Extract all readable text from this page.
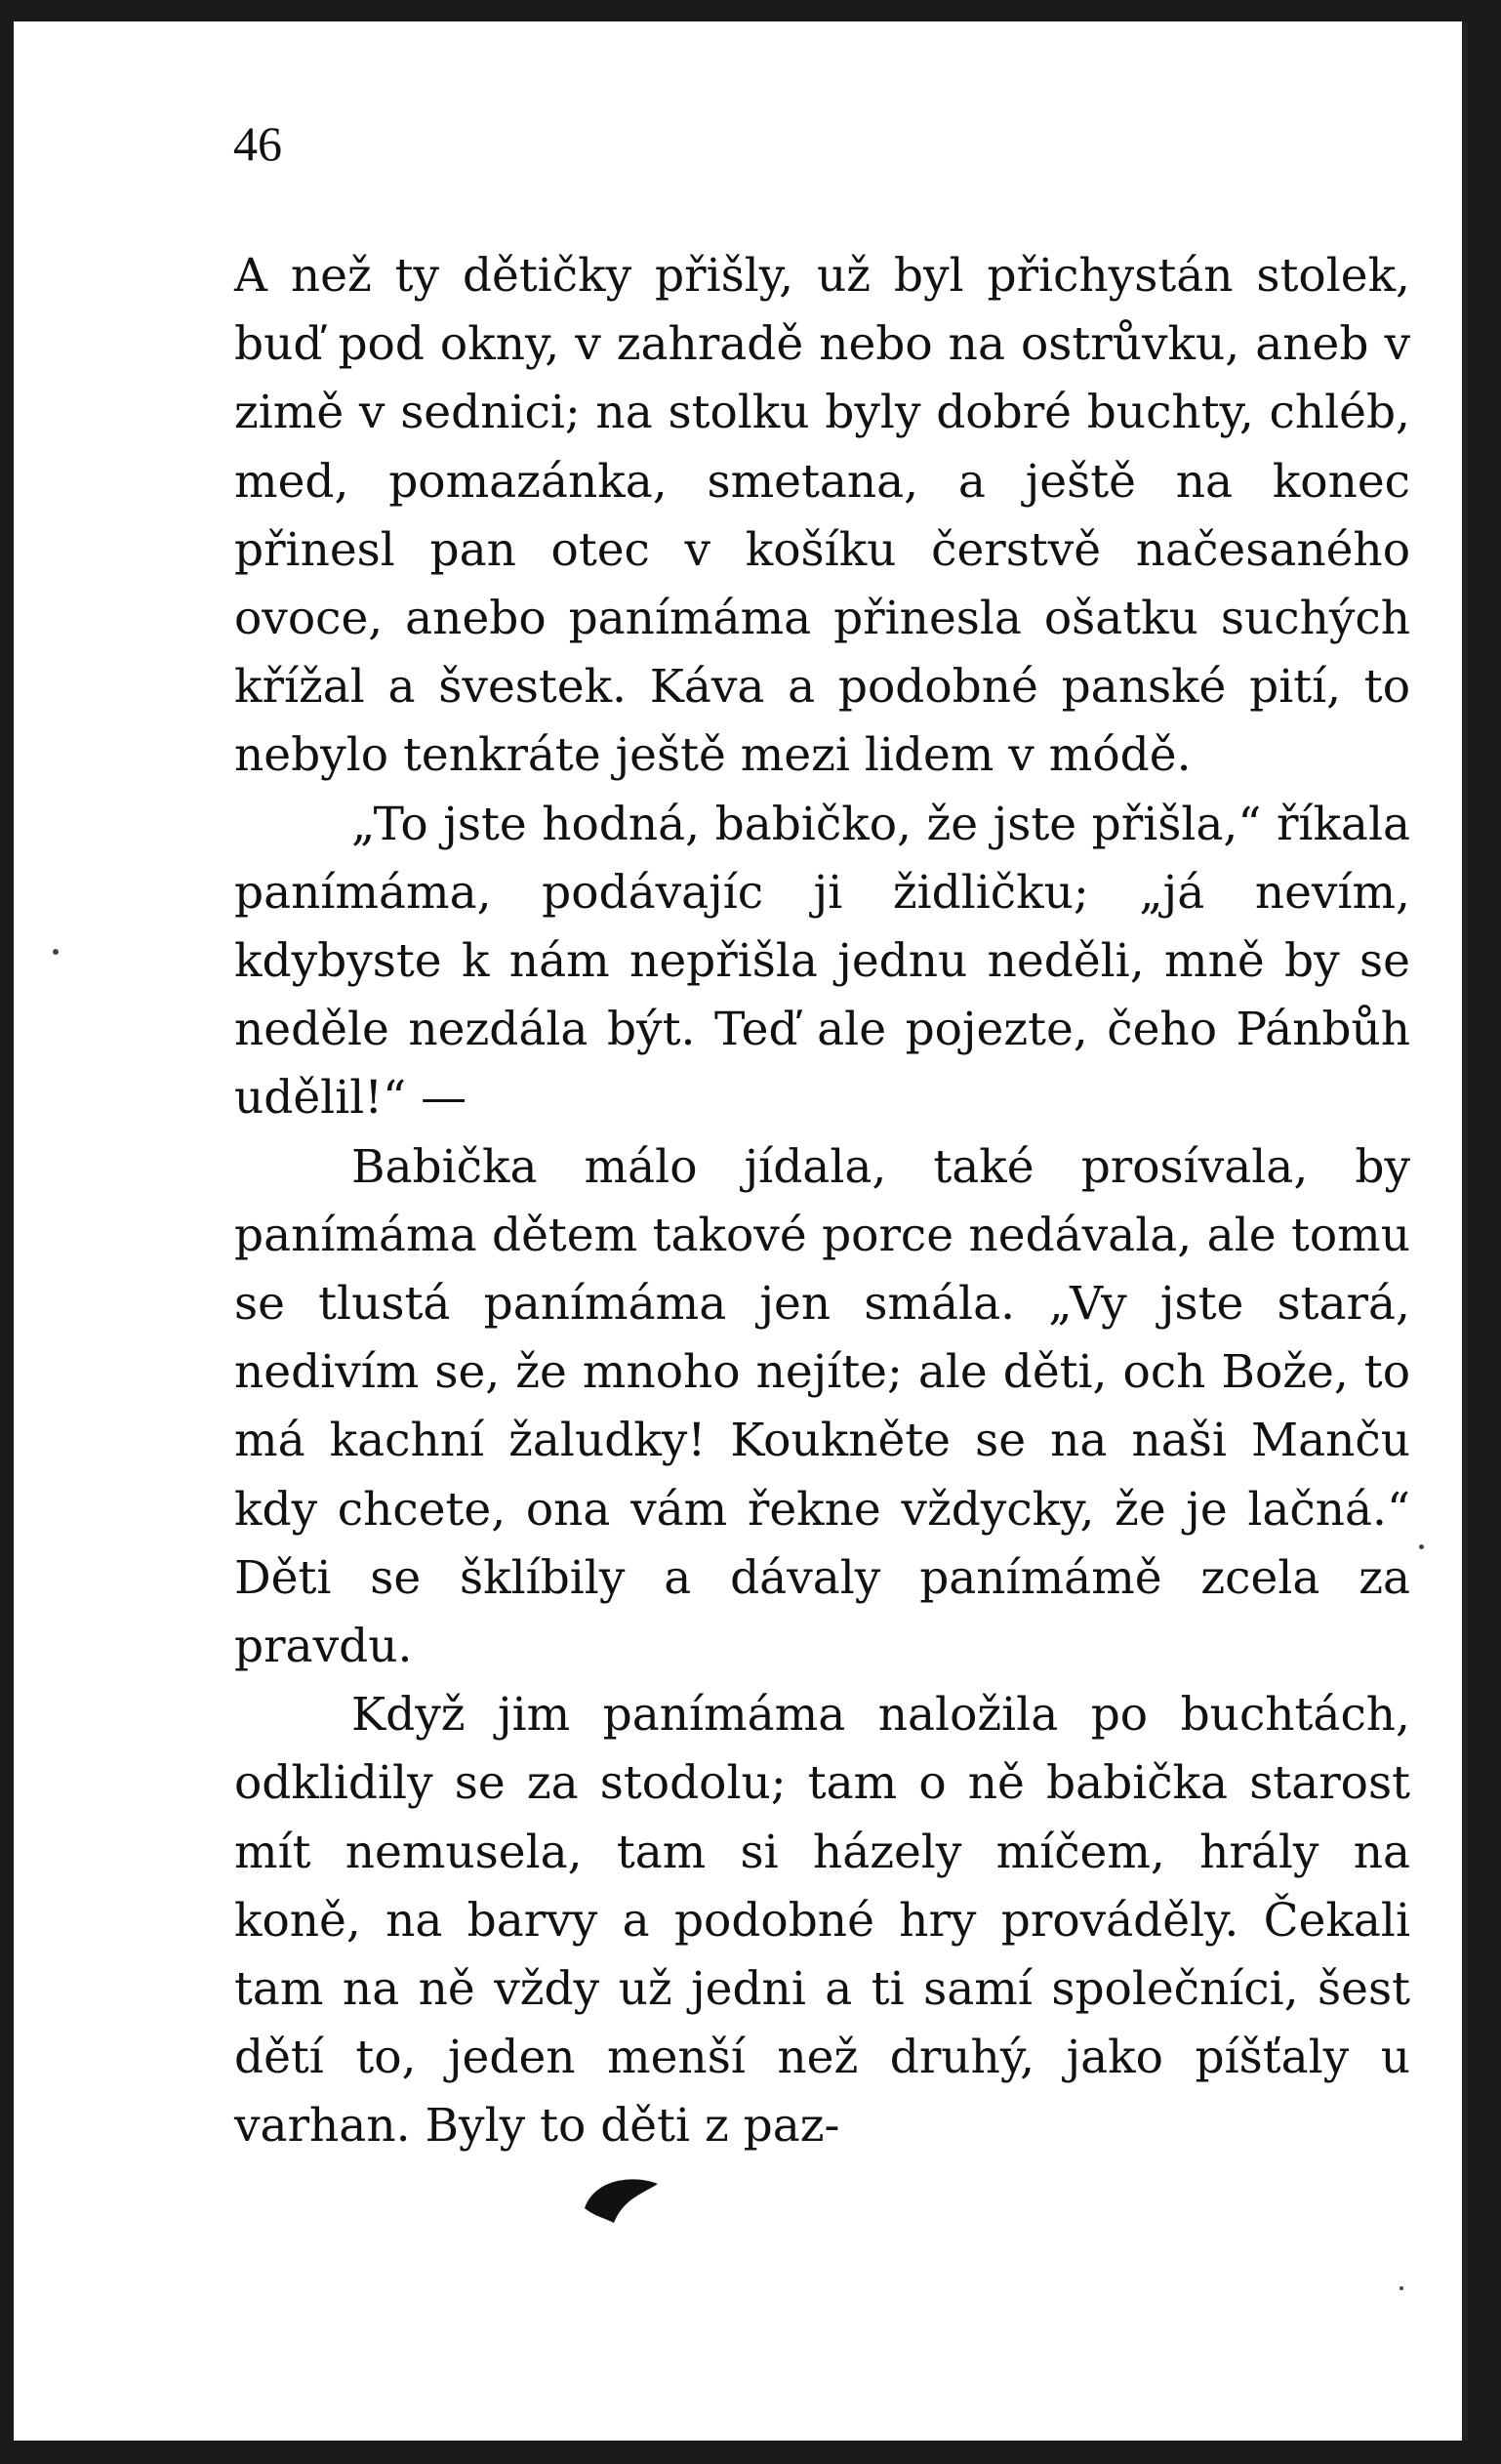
46

A než ty dětičky přišly, už byl přichystán stolek, buď pod okny, v zahradě nebo na ostrůvku, aneb v zimě v sednici; na stolku byly dobré buchty, chléb, med, pomazánka, smetana, a ještě na konec přinesl pan otec v košíku čerstvě načesaného ovoce, anebo panímáma přinesla ošatku suchých křížal a švestek. Káva a podobné panské pití, to nebylo tenkráte ještě mezi lidem v módě.

„To jste hodná, babičko, že jste přišla,“ říkala panímáma, podávajíc ji židličku; „já nevím, kdybyste k nám nepřišla jednu neděli, mně by se neděle nezdála být. Teď ale pojezte, čeho Pánbůh udělil!“ —

Babička málo jídala, také prosívala, by panímáma dětem takové porce nedávala, ale tomu se tlustá panímáma jen smála. „Vy jste stará, nedivím se, že mnoho nejíte; ale děti, och Bože, to má kachní žaludky! Koukněte se na naši Manču kdy chcete, ona vám řekne vždycky, že je lačná.“ Děti se šklíbily a dávaly panímámě zcela za pravdu.

Když jim panímáma naložila po buchtách, odklidily se za stodolu; tam o ně babička starost mít nemusela, tam si házely míčem, hrály na koně, na barvy a podobné hry prováděly. Čekali tam na ně vždy už jedni a ti samí společníci, šest dětí to, jeden menší než druhý, jako píšťaly u varhan. Byly to děti z paz-
